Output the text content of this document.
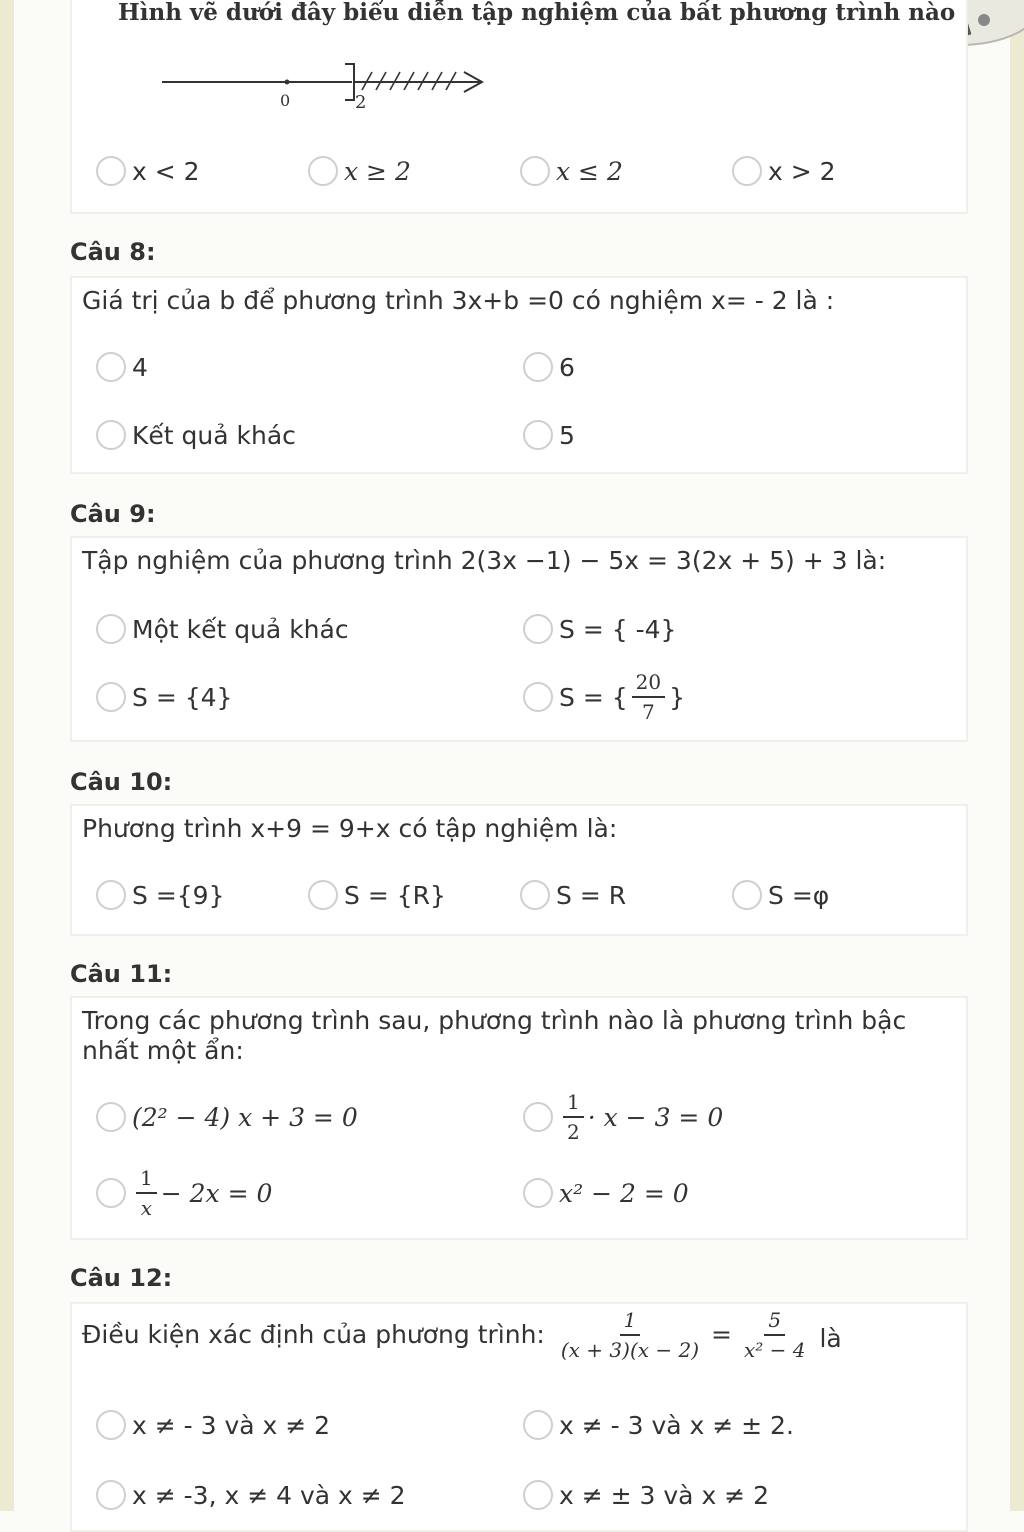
Hình vẽ dưới đây biểu diễn tập nghiệm của bất phương trình nào
0	2
x < 2	x ≥ 2	x ≤ 2	x > 2
Câu 8:
Giá trị của b để phương trình 3x+b =0 có nghiệm x= - 2 là :
4	6
Kết quả khác	5
Câu 9:
Tập nghiệm của phương trình 2(3x −1) − 5x = 3(2x + 5) + 3 là:
Một kết quả khác	S = { -4}
S = {4}	S = { $\frac{20}{7}$ }
Câu 10:
Phương trình x+9 = 9+x có tập nghiệm là:
S ={9}	S = {R}	S = R	S =φ
Câu 11:
Trong các phương trình sau, phương trình nào là phương trình bậc
nhất một ẩn:
(2² − 4) x + 3 = 0	$\frac{1}{2} \cdot x - 3 = 0$
$\frac{1}{x} - 2x = 0$	x² − 2 = 0
Câu 12:
Điều kiện xác định của phương trình: $\frac{1}{(x + 3)(x - 2)} = \frac{5}{\text{x² − 4}}$ là
x ≠ - 3 và x ≠ 2	x ≠ - 3 và x ≠ ± 2.
x ≠ -3, x ≠ 4 và x ≠ 2	x ≠ ± 3 và x ≠ 2
